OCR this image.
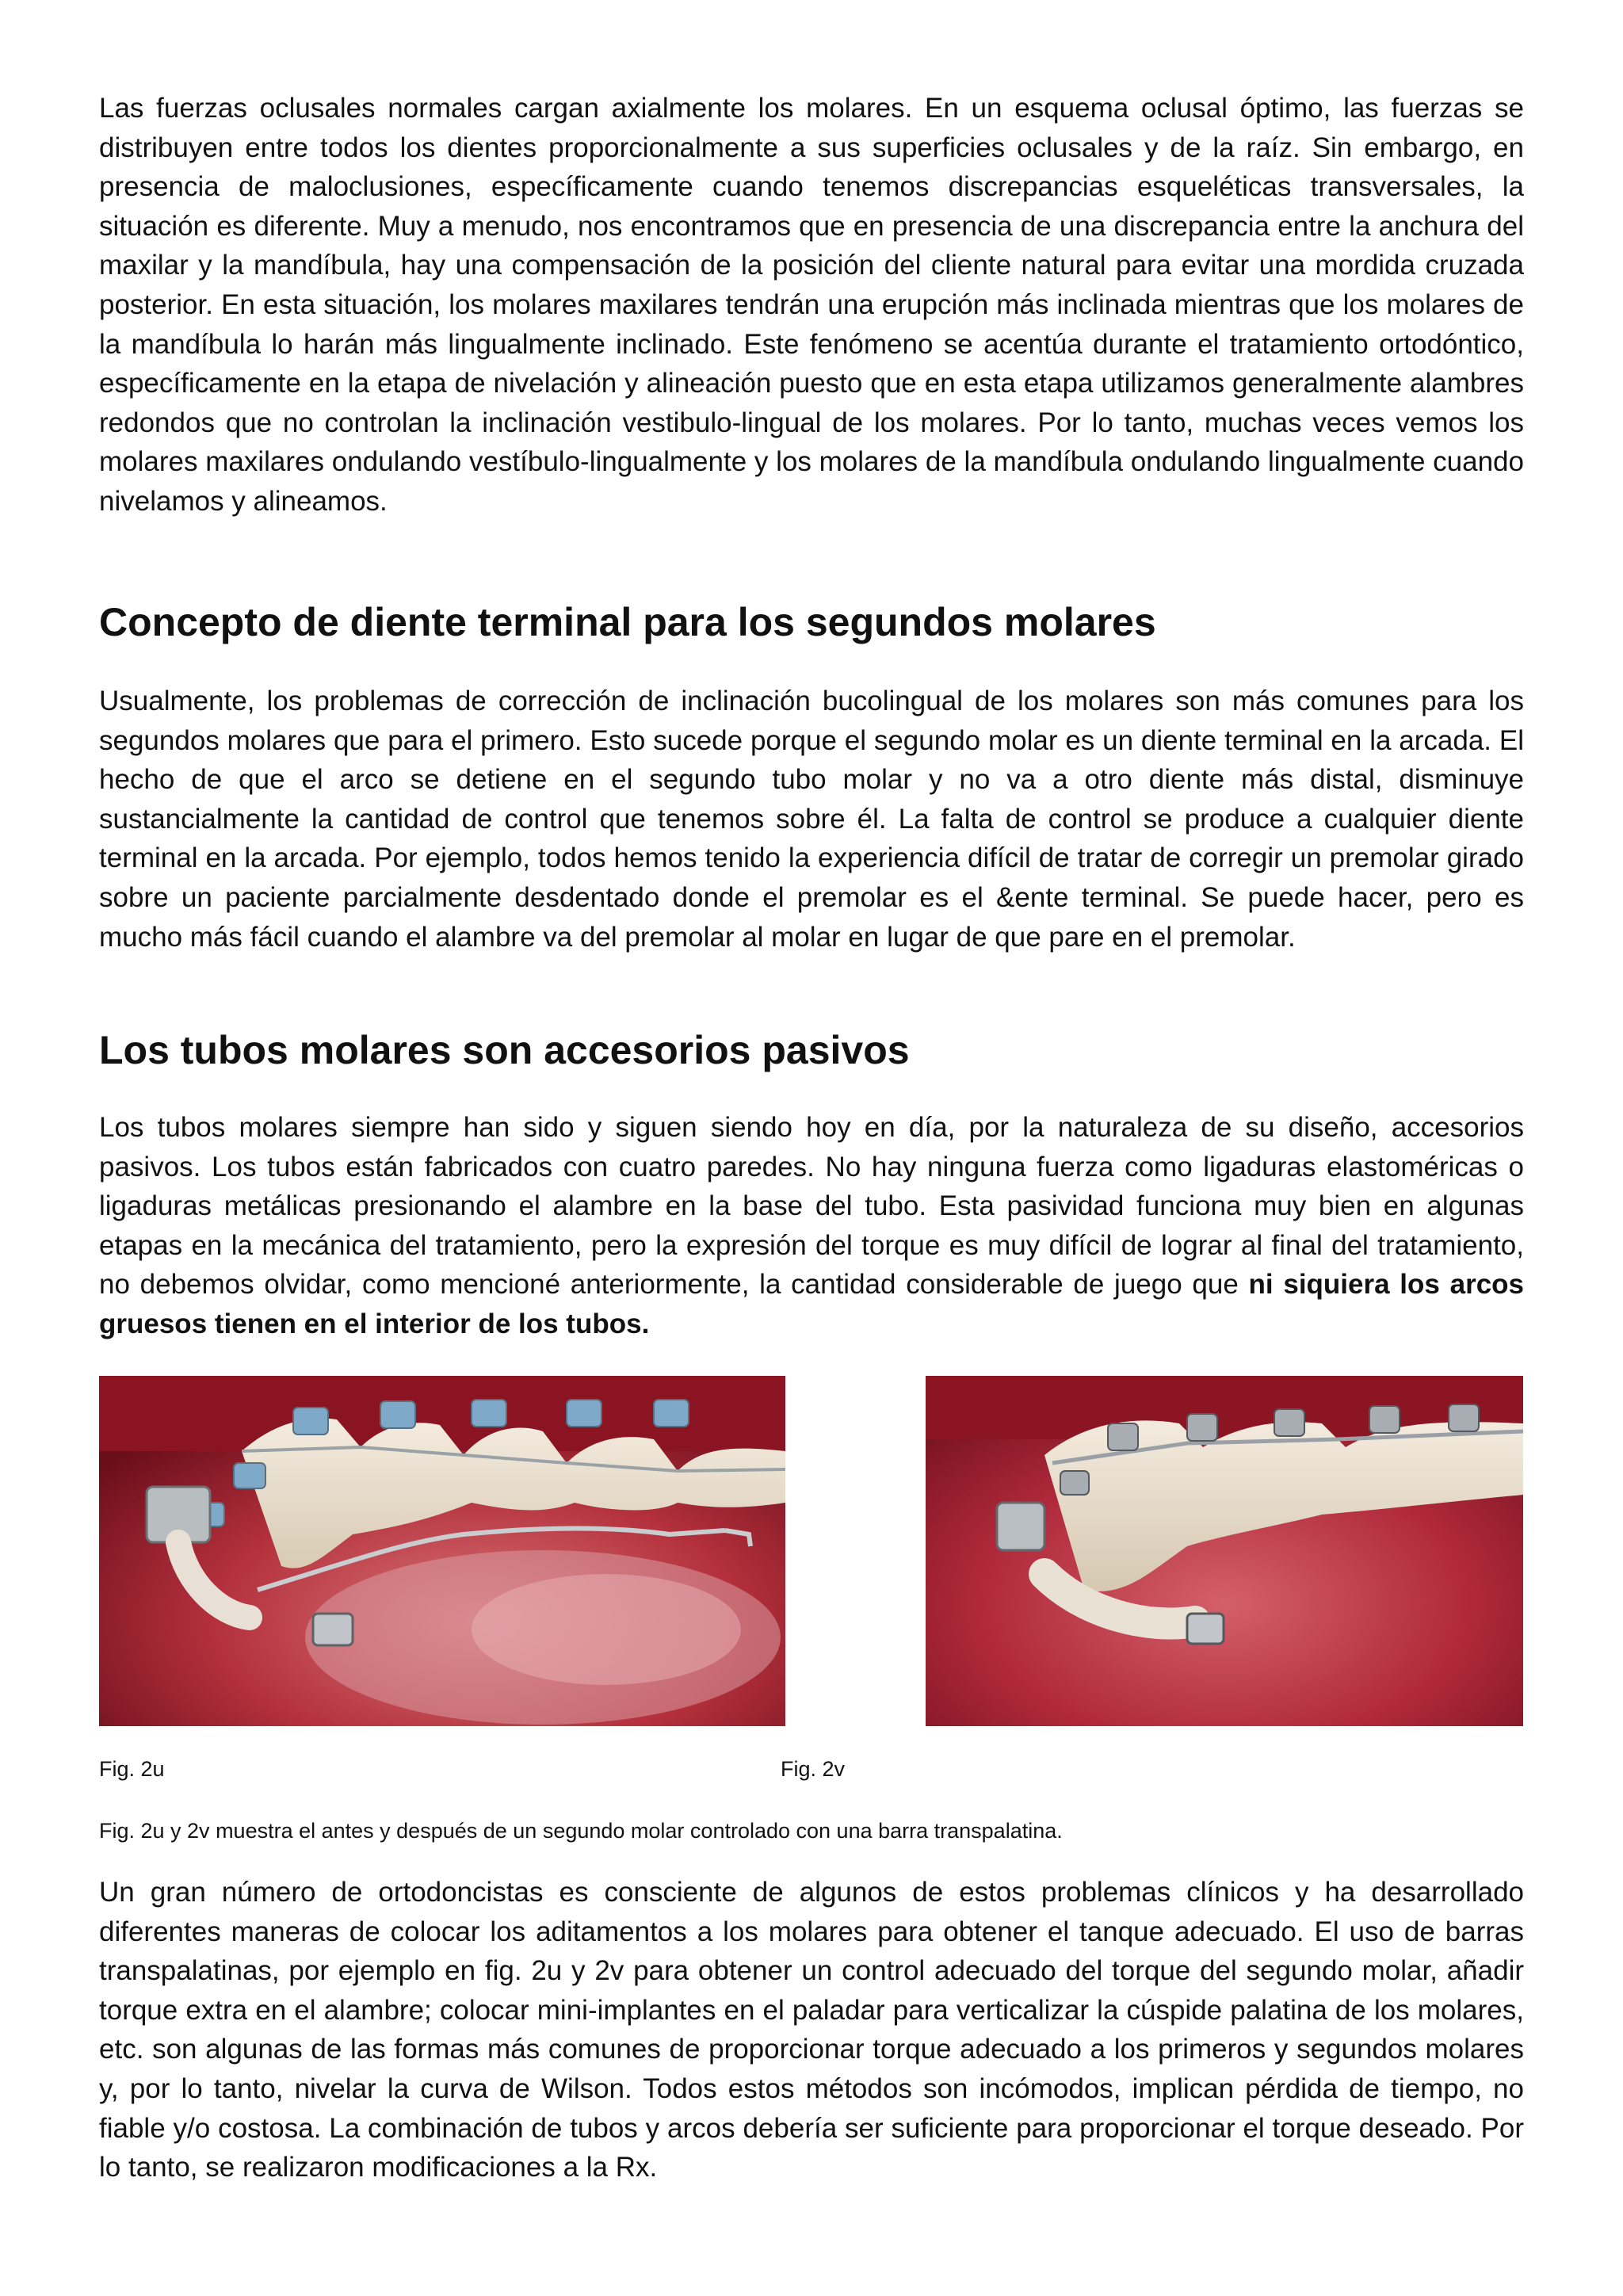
Las fuerzas oclusales normales cargan axialmente los molares. En un esquema oclusal óptimo, las fuerzas se distribuyen entre todos los dientes proporcionalmente a sus superficies oclusales y de la raíz. Sin embargo, en presencia de maloclusiones, específicamente cuando tenemos discrepancias esqueléticas transversales, la situación es diferente. Muy a menudo, nos encontramos que en presencia de una discrepancia entre la anchura del maxilar y la mandíbula, hay una compensación de la posición del cliente natural para evitar una mordida cruzada posterior. En esta situación, los molares maxilares tendrán una erupción más inclinada mientras que los molares de la mandíbula lo harán más lingualmente inclinado. Este fenómeno se acentúa durante el tratamiento ortodóntico, específicamente en la etapa de nivelación y alineación puesto que en esta etapa utilizamos generalmente alambres redondos que no controlan la inclinación vestibulo-lingual de los molares. Por lo tanto, muchas veces vemos los molares maxilares ondulando vestíbulo-lingualmente y los molares de la mandíbula ondulando lingualmente cuando nivelamos y alineamos.

Concepto de diente terminal para los segundos molares

Usualmente, los problemas de corrección de inclinación bucolingual de los molares son más comunes para los segundos molares que para el primero. Esto sucede porque el segundo molar es un diente terminal en la arcada. El hecho de que el arco se detiene en el segundo tubo molar y no va a otro diente más distal, disminuye sustancialmente la cantidad de control que tenemos sobre él. La falta de control se produce a cualquier diente terminal en la arcada. Por ejemplo, todos hemos tenido la experiencia difícil de tratar de corregir un premolar girado sobre un paciente parcialmente desdentado donde el premolar es el &ente terminal. Se puede hacer, pero es mucho más fácil cuando el alambre va del premolar al molar en lugar de que pare en el premolar.

Los tubos molares son accesorios pasivos

Los tubos molares siempre han sido y siguen siendo hoy en día, por la naturaleza de su diseño, accesorios pasivos. Los tubos están fabricados con cuatro paredes. No hay ninguna fuerza como ligaduras elastoméricas o ligaduras metálicas presionando el alambre en la base del tubo. Esta pasividad funciona muy bien en algunas etapas en la mecánica del tratamiento, pero la expresión del torque es muy difícil de lograr al final del tratamiento, no debemos olvidar, como mencioné anteriormente, la cantidad considerable de juego que ni siquiera los arcos gruesos tienen en el interior de los tubos.

Fig. 2u	Fig. 2v
Fig. 2u y 2v muestra el antes y después de un segundo molar controlado con una barra transpalatina.

Un gran número de ortodoncistas es consciente de algunos de estos problemas clínicos y ha desarrollado diferentes maneras de colocar los aditamentos a los molares para obtener el tanque adecuado. El uso de barras transpalatinas, por ejemplo en fig. 2u y 2v para obtener un control adecuado del torque del segundo molar, añadir torque extra en el alambre; colocar mini-implantes en el paladar para verticalizar la cúspide palatina de los molares, etc. son algunas de las formas más comunes de proporcionar torque adecuado a los primeros y segundos molares y, por lo tanto, nivelar la curva de Wilson. Todos estos métodos son incómodos, implican pérdida de tiempo, no fiable y/o costosa. La combinación de tubos y arcos debería ser suficiente para proporcionar el torque deseado. Por lo tanto, se realizaron modificaciones a la Rx.
